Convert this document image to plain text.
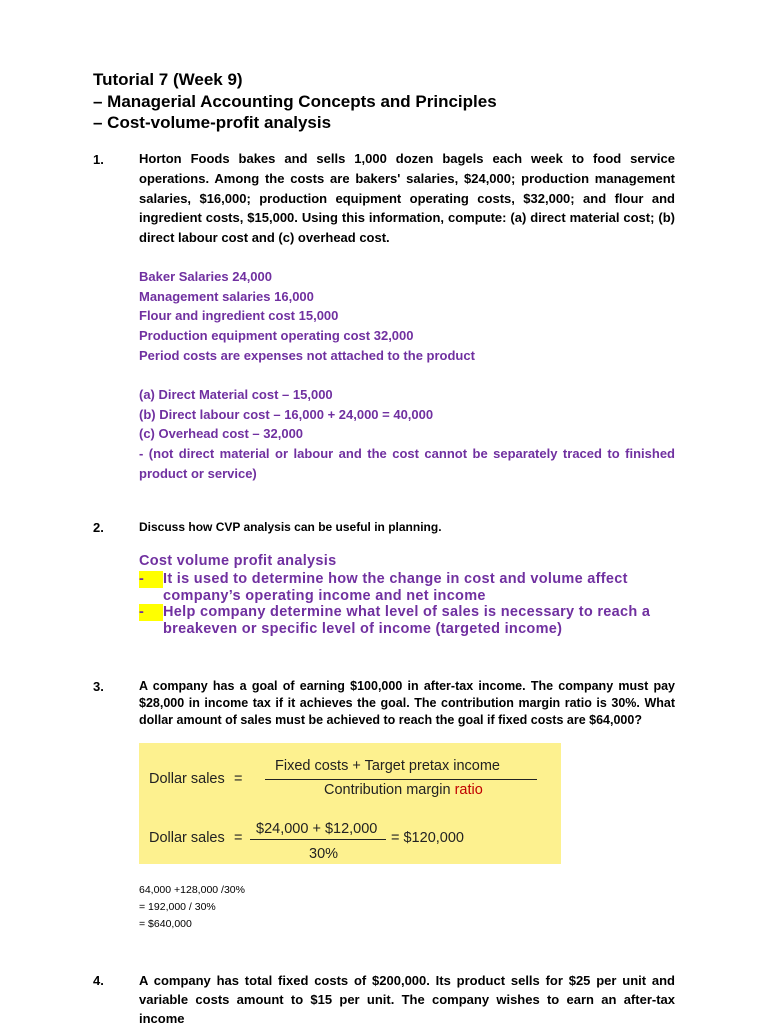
Tutorial 7 (Week 9)
– Managerial Accounting Concepts and Principles
– Cost-volume-profit analysis
1.	Horton Foods bakes and sells 1,000 dozen bagels each week to food service operations. Among the costs are bakers' salaries, $24,000; production management salaries, $16,000; production equipment operating costs, $32,000; and flour and ingredient costs, $15,000. Using this information, compute: (a) direct material cost; (b) direct labour cost and (c) overhead cost.
Baker Salaries 24,000
Management salaries 16,000
Flour and ingredient cost 15,000
Production equipment operating cost 32,000
Period costs are expenses not attached to the product
(a) Direct Material cost – 15,000
(b) Direct labour cost – 16,000 + 24,000 = 40,000
(c) Overhead cost – 32,000
- (not direct material or labour and the cost cannot be separately traced to finished product or service)
2.	Discuss how CVP analysis can be useful in planning.
Cost volume profit analysis
- It is used to determine how the change in cost and volume affect company’s operating income and net income
- Help company determine what level of sales is necessary to reach a breakeven or specific level of income (targeted income)
3.	A company has a goal of earning $100,000 in after-tax income. The company must pay $28,000 in income tax if it achieves the goal. The contribution margin ratio is 30%. What dollar amount of sales must be achieved to reach the goal if fixed costs are $64,000?
Dollar sales =
Fixed costs + Target pretax income
Contribution margin ratio
Dollar sales =
$24,000 + $12,000
30%
= $120,000
64,000 +128,000 /30%
= 192,000 / 30%
= $640,000
4.	A company has total fixed costs of $200,000. Its product sells for $25 per unit and variable costs amount to $15 per unit. The company wishes to earn an after-tax income
